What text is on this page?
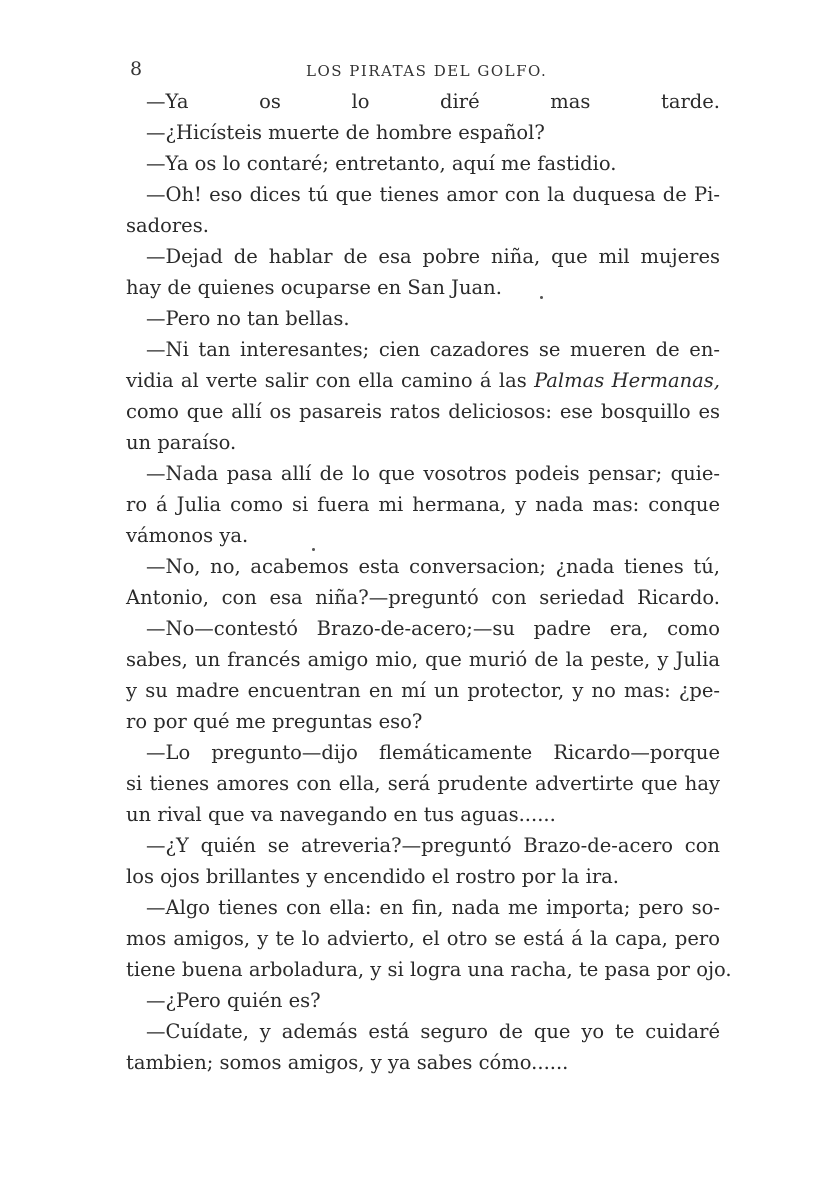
8	LOS PIRATAS DEL GOLFO.
—Ya os lo diré mas tarde.
—¿Hicísteis muerte de hombre español?
—Ya os lo contaré; entretanto, aquí me fastidio.
—Oh! eso dices tú que tienes amor con la duquesa de Pi-
sadores.
—Dejad de hablar de esa pobre niña, que mil mujeres
hay de quienes ocuparse en San Juan.
—Pero no tan bellas.
—Ni tan interesantes; cien cazadores se mueren de en-
vidia al verte salir con ella camino á las Palmas Hermanas,
como que allí os pasareis ratos deliciosos: ese bosquillo es
un paraíso.
—Nada pasa allí de lo que vosotros podeis pensar; quie-
ro á Julia como si fuera mi hermana, y nada mas: conque
vámonos ya.
—No, no, acabemos esta conversacion; ¿nada tienes tú,
Antonio, con esa niña?—preguntó con seriedad Ricardo.
—No—contestó Brazo-de-acero;—su padre era, como
sabes, un francés amigo mio, que murió de la peste, y Julia
y su madre encuentran en mí un protector, y no mas: ¿pe-
ro por qué me preguntas eso?
—Lo pregunto—dijo flemáticamente Ricardo—porque
si tienes amores con ella, será prudente advertirte que hay
un rival que va navegando en tus aguas......
—¿Y quién se atreveria?—preguntó Brazo-de-acero con
los ojos brillantes y encendido el rostro por la ira.
—Algo tienes con ella: en fin, nada me importa; pero so-
mos amigos, y te lo advierto, el otro se está á la capa, pero
tiene buena arboladura, y si logra una racha, te pasa por ojo.
—¿Pero quién es?
—Cuídate, y además está seguro de que yo te cuidaré
tambien; somos amigos, y ya sabes cómo......
